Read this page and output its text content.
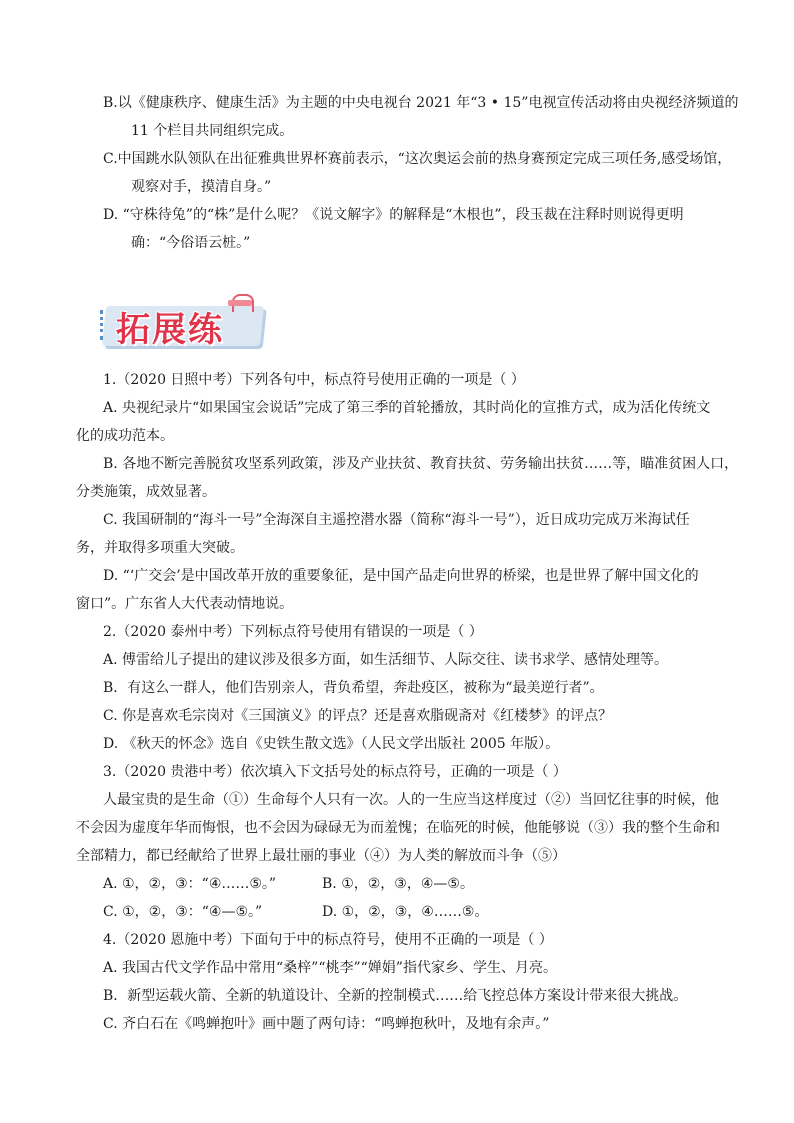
B.以《健康秩序、健康生活》为主题的中央电视台 2021 年“3 • 15”电视宣传活动将由央视经济频道的
11 个栏目共同组织完成。
C.中国跳水队领队在出征雅典世界杯赛前表示，“这次奥运会前的热身赛预定完成三项任务,感受场馆，
观察对手，摸清自身。”
D. “守株待兔”的“株”是什么呢？《说文解字》的解释是“木根也”，段玉裁在注释时则说得更明
确：“今俗语云桩。”
拓展练
1.（2020 日照中考）下列各句中，标点符号使用正确的一项是（ ）
A. 央视纪录片“如果国宝会说话”完成了第三季的首轮播放，其时尚化的宣推方式，成为活化传统文
化的成功范本。
B. 各地不断完善脱贫攻坚系列政策，涉及产业扶贫、教育扶贫、劳务输出扶贫……等，瞄准贫困人口，
分类施策，成效显著。
C. 我国研制的“海斗一号”全海深自主遥控潜水器（简称“海斗一号”），近日成功完成万米海试任
务，并取得多项重大突破。
D. “‘广交会’是中国改革开放的重要象征，是中国产品走向世界的桥梁，也是世界了解中国文化的
窗口”。广东省人大代表动情地说。
2.（2020 泰州中考）下列标点符号使用有错误的一项是（ ）
A. 傅雷给儿子提出的建议涉及很多方面，如生活细节、人际交往、读书求学、感情处理等。
B．有这么一群人，他们告别亲人，背负希望，奔赴疫区，被称为“最美逆行者”。
C. 你是喜欢毛宗岗对《三国演义》的评点？还是喜欢脂砚斋对《红楼梦》的评点？
D. 《秋天的怀念》选自《史铁生散文选》（人民文学出版社 2005 年版）。
3.（2020 贵港中考）依次填入下文括号处的标点符号，正确的一项是（ ）
人最宝贵的是生命（①）生命每个人只有一次。人的一生应当这样度过（②）当回忆往事的时候，他
不会因为虚度年华而悔恨，也不会因为碌碌无为而羞愧；在临死的时候，他能够说（③）我的整个生命和
全部精力，都已经献给了世界上最壮丽的事业（④）为人类的解放而斗争（⑤）
A. ①，②，③：“④……⑤。”	B. ①，②，③，④—⑤。
C. ①，②，③：“④—⑤。”	D. ①，②，③，④……⑤。
4.（2020 恩施中考）下面句于中的标点符号，使用不正确的一项是（ ）
A. 我国古代文学作品中常用“桑梓”“桃李”“婵娟”指代家乡、学生、月亮。
B．新型运载火箭、全新的轨道设计、全新的控制模式……给飞控总体方案设计带来很大挑战。
C. 齐白石在《鸣蝉抱叶》画中题了两句诗：“鸣蝉抱秋叶，及地有余声。”
